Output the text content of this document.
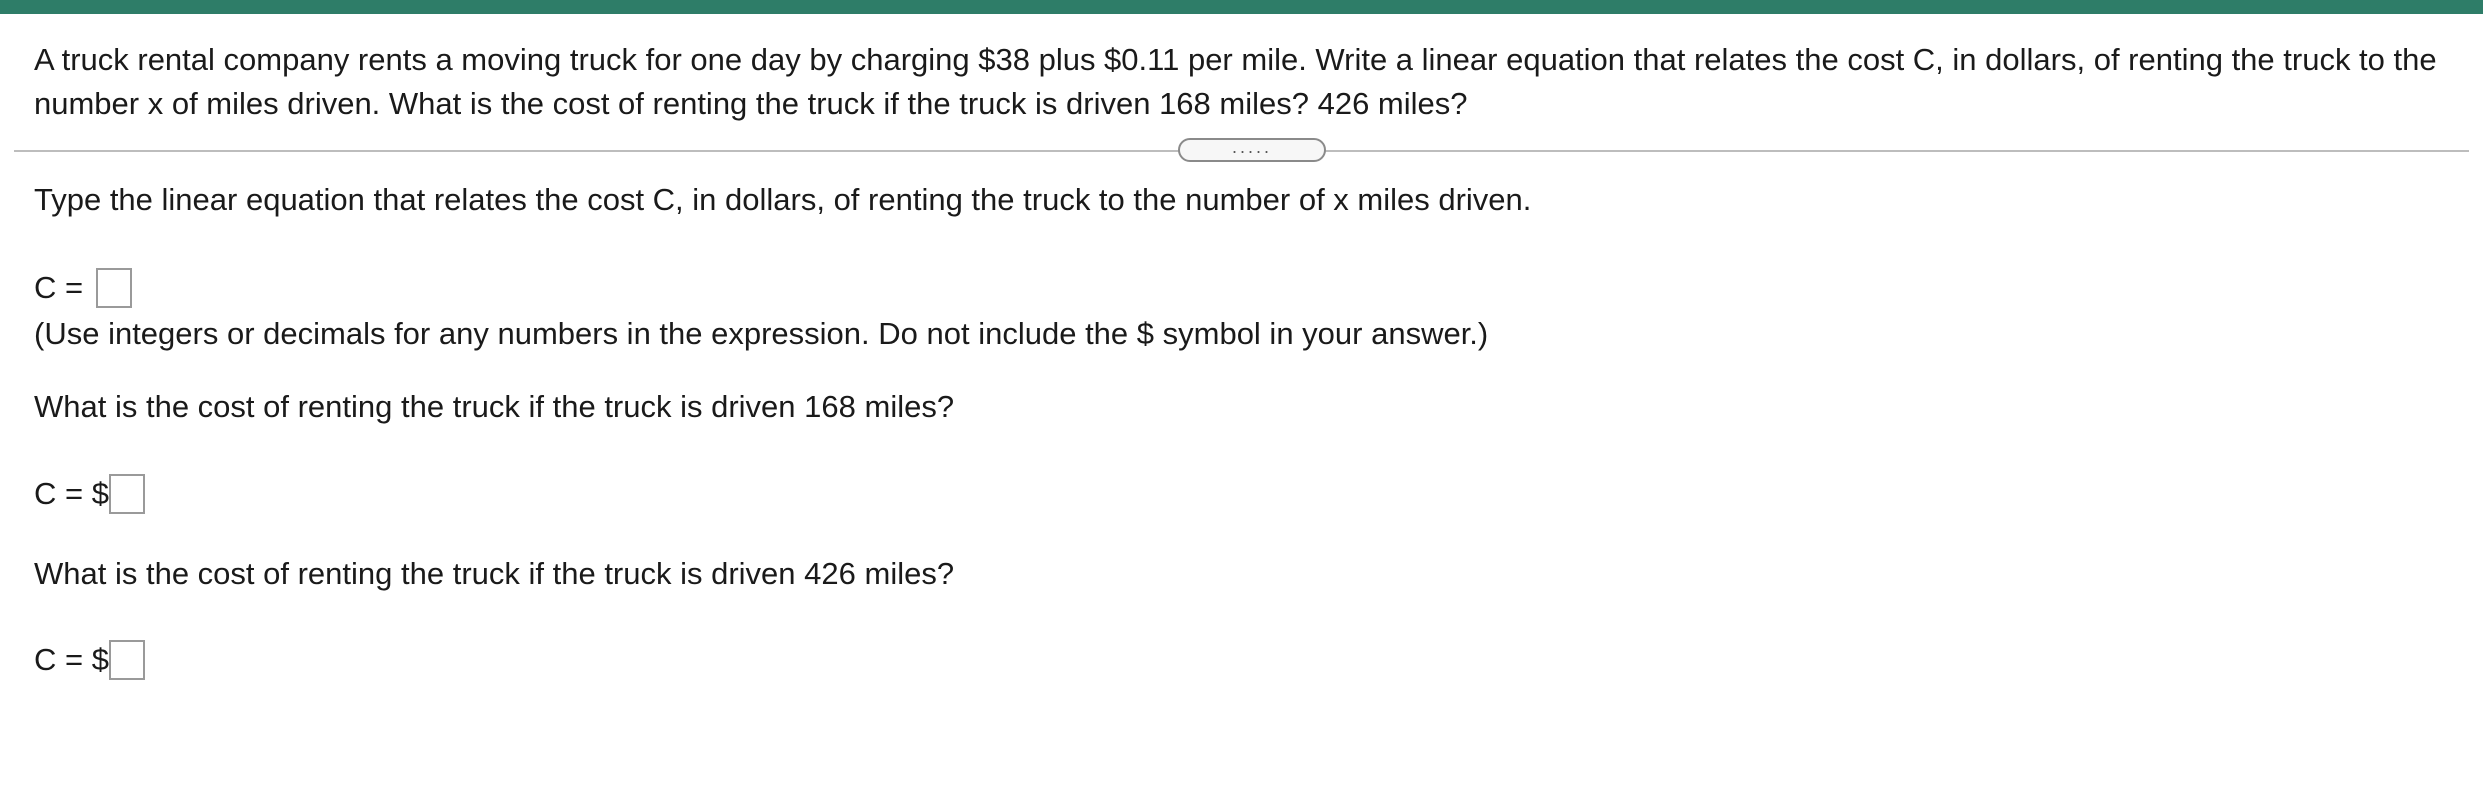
A truck rental company rents a moving truck for one day by charging $38 plus $0.11 per mile. Write a linear equation that relates the cost C, in dollars, of renting the truck to the number x of miles driven. What is the cost of renting the truck if the truck is driven 168 miles? 426 miles?
.....
Type the linear equation that relates the cost C, in dollars, of renting the truck to the number of x miles driven.
C =
(Use integers or decimals for any numbers in the expression. Do not include the $ symbol in your answer.)
What is the cost of renting the truck if the truck is driven 168 miles?
C = $
What is the cost of renting the truck if the truck is driven 426 miles?
C = $
